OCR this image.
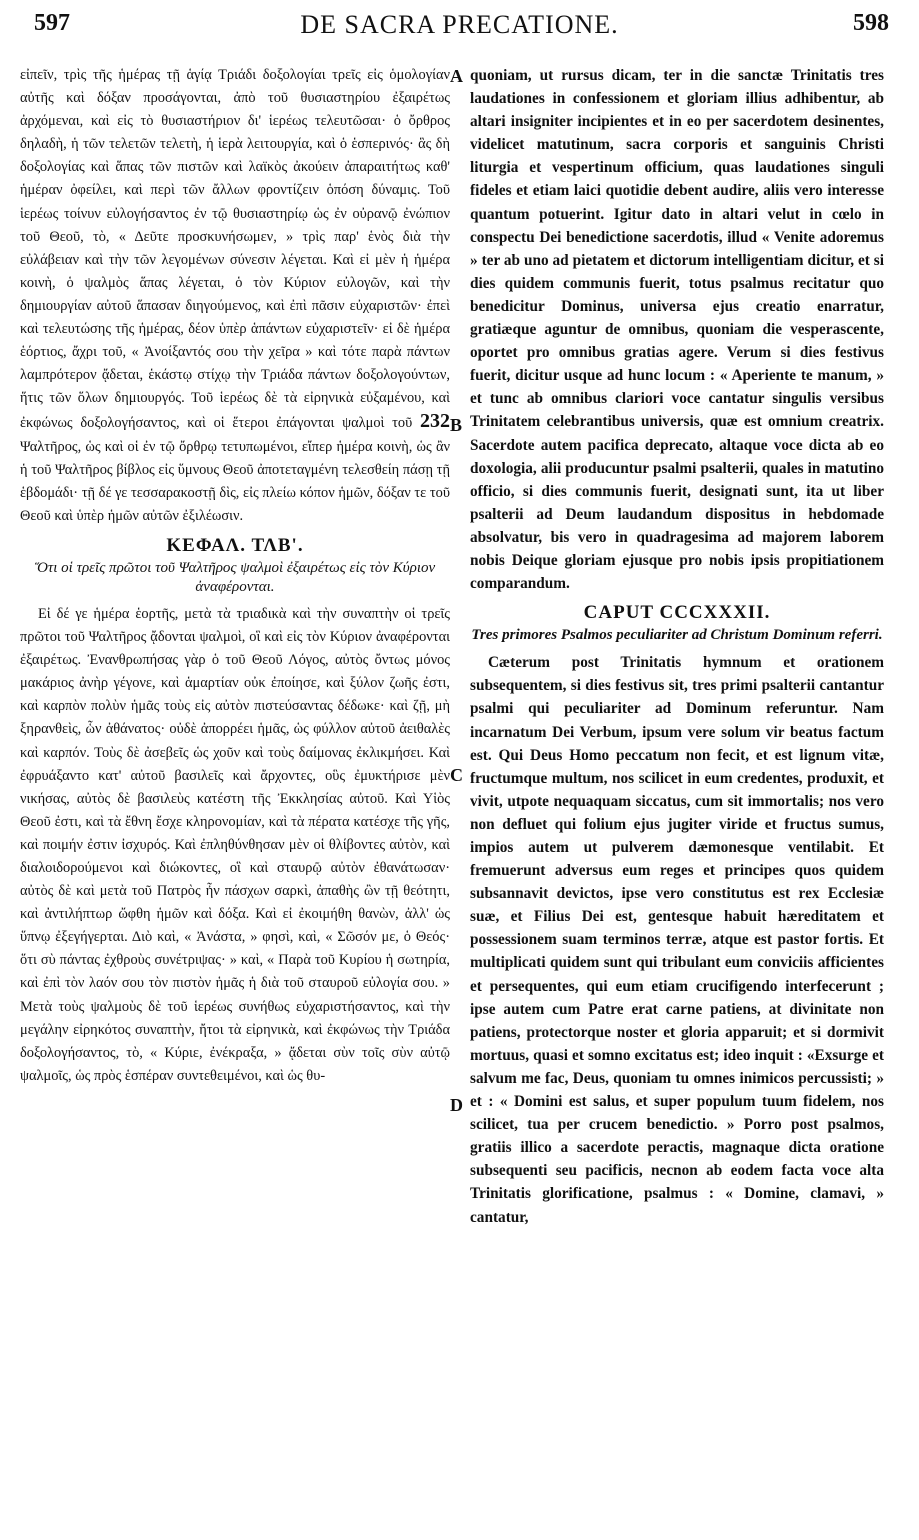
597	DE SACRA PRECATIONE.	598
A
B
C
D

εἰπεῖν, τρὶς τῆς ἡμέρας τῇ ἁγίᾳ Τριάδι δοξολογίαι τρεῖς εἰς ὁμολογίαν αὐτῆς καὶ δόξαν προσάγονται, ἀπὸ τοῦ θυσιαστηρίου ἐξαιρέτως ἀρχόμεναι, καὶ εἰς τὸ θυσιαστήριον δι' ἱερέως τελευτῶσαι· ὁ ὄρθρος δηλαδὴ, ἡ τῶν τελετῶν τελετὴ, ἡ ἱερὰ λειτουργία, καὶ ὁ ἑσπερινός· ἃς δὴ δοξολογίας καὶ ἅπας τῶν πιστῶν καὶ λαϊκὸς ἀκούειν ἀπαραιτήτως καθ' ἡμέραν ὀφείλει, καὶ περὶ τῶν ἄλλων φροντίζειν ὁπόση δύναμις. Τοῦ ἱερέως τοίνυν εὐλογήσαντος ἐν τῷ θυσιαστηρίῳ ὡς ἐν οὐρανῷ ἐνώπιον τοῦ Θεοῦ, τὸ, « Δεῦτε προσκυνήσωμεν, » τρὶς παρ' ἑνὸς διὰ τὴν εὐλάβειαν καὶ τὴν τῶν λεγομένων σύνεσιν λέγεται. Καὶ εἰ μὲν ἡ ἡμέρα κοινὴ, ὁ ψαλμὸς ἅπας λέγεται, ὁ τὸν Κύριον εὐλογῶν, καὶ τὴν δημιουργίαν αὐτοῦ ἅπασαν διηγούμενος, καὶ ἐπὶ πᾶσιν εὐχαριστῶν· ἐπεὶ καὶ τελευτώσης τῆς ἡμέρας, δέον ὑπὲρ ἁπάντων εὐχαριστεῖν· εἰ δὲ ἡμέρα ἑόρτιος, ἄχρι τοῦ, « Ἀνοίξαντός σου τὴν χεῖρα » καὶ τότε παρὰ πάντων λαμπρότερον ᾄδεται, ἑκάστῳ στίχῳ τὴν Τριάδα πάντων δοξολογούντων, ἥτις τῶν ὅλων δημιουργός. Τοῦ ἱερέως δὲ τὰ εἰρηνικὰ εὐξαμένου, καὶ ἐκφώνως δοξολογήσαντος, καὶ οἱ ἕτεροι ἐπάγονται ψαλμοὶ τοῦ 232 Ψαλτῆρος, ὡς καὶ οἱ ἐν τῷ ὄρθρῳ τετυπωμένοι, εἴπερ ἡμέρα κοινὴ, ὡς ἂν ἡ τοῦ Ψαλτῆρος βίβλος εἰς ὕμνους Θεοῦ ἀποτεταγμένη τελεσθείη πάσῃ τῇ ἑβδομάδι· τῇ δέ γε τεσσαρακοστῇ δὶς, εἰς πλείω κόπον ἡμῶν, δόξαν τε τοῦ Θεοῦ καὶ ὑπὲρ ἡμῶν αὐτῶν ἐξιλέωσιν.

ΚΕΦΑΛ. ΤΛΒ'.
Ὅτι οἱ τρεῖς πρῶτοι τοῦ Ψαλτῆρος ψαλμοὶ ἐξαιρέτως εἰς τὸν Κύριον ἀναφέρονται.

Εἰ δέ γε ἡμέρα ἑορτῆς, μετὰ τὰ τριαδικὰ καὶ τὴν συναπτὴν οἱ τρεῖς πρῶτοι τοῦ Ψαλτῆρος ᾄδονται ψαλμοὶ, οἳ καὶ εἰς τὸν Κύριον ἀναφέρονται ἐξαιρέτως. Ἐνανθρωπήσας γὰρ ὁ τοῦ Θεοῦ Λόγος, αὐτὸς ὄντως μόνος μακάριος ἀνὴρ γέγονε, καὶ ἁμαρτίαν οὐκ ἐποίησε, καὶ ξύλον ζωῆς ἐστι, καὶ καρπὸν πολὺν ἡμᾶς τοὺς εἰς αὐτὸν πιστεύσαντας δέδωκε· καὶ ζῇ, μὴ ξηρανθεὶς, ὧν ἀθάνατος· οὐδὲ ἀπορρέει ἡμᾶς, ὡς φύλλον αὐτοῦ ἀειθαλὲς καὶ καρπόν. Τοὺς δὲ ἀσεβεῖς ὡς χοῦν καὶ τοὺς δαίμονας ἐκλικμήσει. Καὶ ἐφρυάξαντο κατ' αὐτοῦ βασιλεῖς καὶ ἄρχοντες, οὓς ἐμυκτήρισε μὲν νικήσας, αὐτὸς δὲ βασιλεὺς κατέστη τῆς Ἐκκλησίας αὐτοῦ. Καὶ Υἱὸς Θεοῦ ἐστι, καὶ τὰ ἔθνη ἔσχε κληρονομίαν, καὶ τὰ πέρατα κατέσχε τῆς γῆς, καὶ ποιμήν ἐστιν ἰσχυρός. Καὶ ἐπληθύνθησαν μὲν οἱ θλίβοντες αὐτὸν, καὶ διαλοιδορούμενοι καὶ διώκοντες, οἳ καὶ σταυρῷ αὐτὸν ἐθανάτωσαν· αὐτὸς δὲ καὶ μετὰ τοῦ Πατρὸς ἦν πάσχων σαρκὶ, ἀπαθὴς ὢν τῇ θεότητι, καὶ ἀντιλήπτωρ ὤφθη ἡμῶν καὶ δόξα. Καὶ εἰ ἐκοιμήθη θανὼν, ἀλλ' ὡς ὕπνῳ ἐξεγήγερται. Διὸ καὶ, « Ἀνάστα, » φησὶ, καὶ, « Σῶσόν με, ὁ Θεός· ὅτι σὺ πάντας ἐχθροὺς συνέτριψας· » καὶ, « Παρὰ τοῦ Κυρίου ἡ σωτηρία, καὶ ἐπὶ τὸν λαόν σου τὸν πιστὸν ἡμᾶς ἡ διὰ τοῦ σταυροῦ εὐλογία σου. » Μετὰ τοὺς ψαλμοὺς δὲ τοῦ ἱερέως συνήθως εὐχαριστήσαντος, καὶ τὴν μεγάλην εἰρηκότος συναπτὴν, ἤτοι τὰ εἰρηνικὰ, καὶ ἐκφώνως τὴν Τριάδα δοξολογήσαντος, τὸ, « Κύριε, ἐνέκραξα, » ᾄδεται σὺν τοῖς σὺν αὐτῷ ψαλμοῖς, ὡς πρὸς ἑσπέραν συντεθειμένοι, καὶ ὡς θυ-

quoniam, ut rursus dicam, ter in die sanctæ Trinitatis tres laudationes in confessionem et gloriam illius adhibentur, ab altari insigniter incipientes et in eo per sacerdotem desinentes, videlicet matutinum, sacra corporis et sanguinis Christi liturgia et vespertinum officium, quas laudationes singuli fideles et etiam laici quotidie debent audire, aliis vero interesse quantum potuerint. Igitur dato in altari velut in cœlo in conspectu Dei benedictione sacerdotis, illud « Venite adoremus » ter ab uno ad pietatem et dictorum intelligentiam dicitur, et si dies quidem communis fuerit, totus psalmus recitatur quo benedicitur Dominus, universa ejus creatio enarratur, gratiæque aguntur de omnibus, quoniam die vesperascente, oportet pro omnibus gratias agere. Verum si dies festivus fuerit, dicitur usque ad hunc locum : « Aperiente te manum, » et tunc ab omnibus clariori voce cantatur singulis versibus Trinitatem celebrantibus universis, quæ est omnium creatrix. Sacerdote autem pacifica deprecato, altaque voce dicta ab eo doxologia, alii producuntur psalmi psalterii, quales in matutino officio, si dies communis fuerit, designati sunt, ita ut liber psalterii ad Deum laudandum dispositus in hebdomade absolvatur, bis vero in quadragesima ad majorem laborem nobis Deique gloriam ejusque pro nobis ipsis propitiationem comparandum.

CAPUT CCCXXXII.
Tres primores Psalmos peculiariter ad Christum Dominum referri.

Cæterum post Trinitatis hymnum et orationem subsequentem, si dies festivus sit, tres primi psalterii cantantur psalmi qui peculiariter ad Dominum referuntur. Nam incarnatum Dei Verbum, ipsum vere solum vir beatus factum est. Qui Deus Homo peccatum non fecit, et est lignum vitæ, fructumque multum, nos scilicet in eum credentes, produxit, et vivit, utpote nequaquam siccatus, cum sit immortalis; nos vero non defluet qui folium ejus jugiter viride et fructus sumus, impios autem ut pulverem dæmonesque ventilabit. Et fremuerunt adversus eum reges et principes quos quidem subsannavit devictos, ipse vero constitutus est rex Ecclesiæ suæ, et Filius Dei est, gentesque habuit hæreditatem et possessionem suam terminos terræ, atque est pastor fortis. Et multiplicati quidem sunt qui tribulant eum conviciis afficientes et persequentes, qui eum etiam crucifigendo interfecerunt ; ipse autem cum Patre erat carne patiens, at divinitate non patiens, protectorque noster et gloria apparuit; et si dormivit mortuus, quasi et somno excitatus est; ideo inquit : «Exsurge et salvum me fac, Deus, quoniam tu omnes inimicos percussisti; » et : « Domini est salus, et super populum tuum fidelem, nos scilicet, tua per crucem benedictio. » Porro post psalmos, gratiis illico a sacerdote peractis, magnaque dicta oratione subsequenti seu pacificis, necnon ab eodem facta voce alta Trinitatis glorificatione, psalmus : « Domine, clamavi, » cantatur,
